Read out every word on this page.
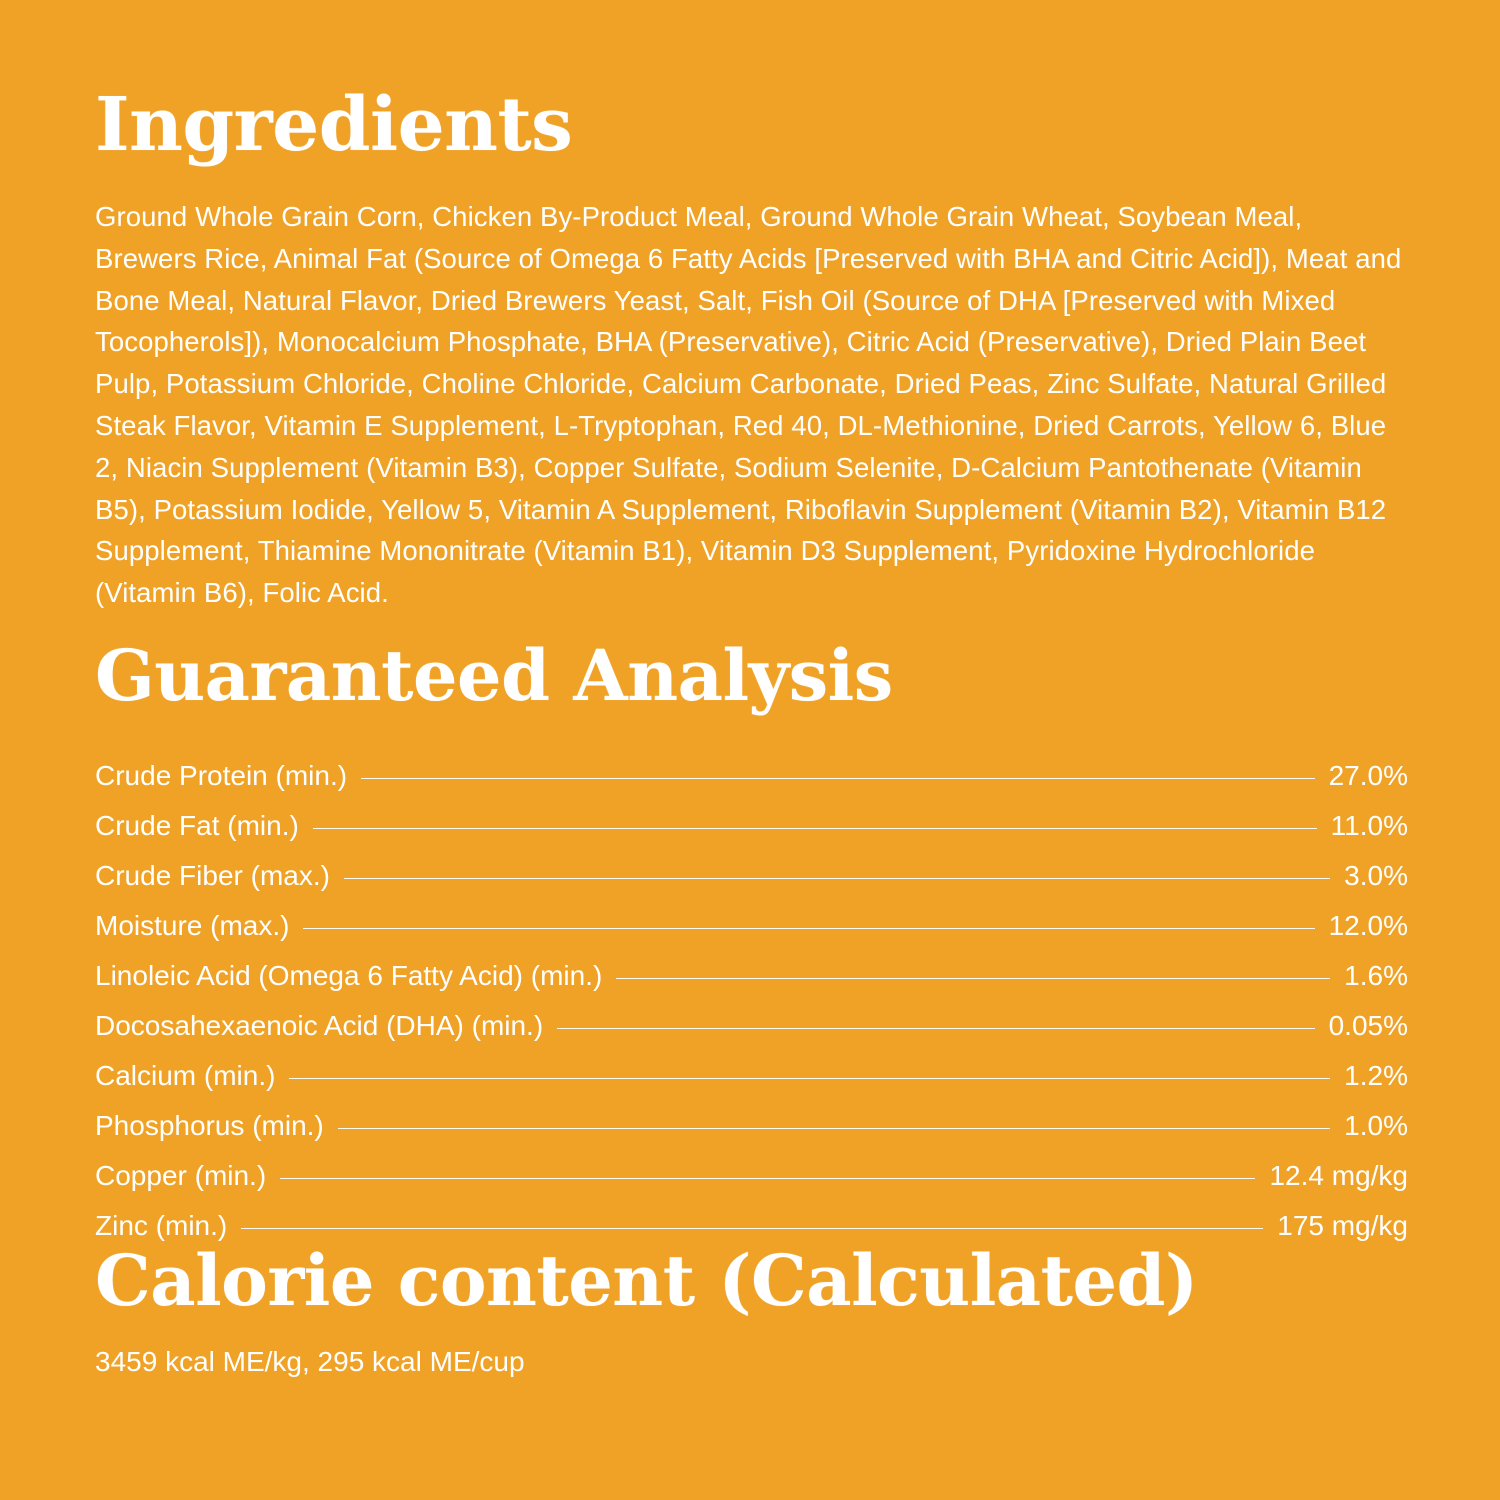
Ingredients

Ground Whole Grain Corn, Chicken By-Product Meal, Ground Whole Grain Wheat, Soybean Meal, Brewers Rice, Animal Fat (Source of Omega 6 Fatty Acids [Preserved with BHA and Citric Acid]), Meat and Bone Meal, Natural Flavor, Dried Brewers Yeast, Salt, Fish Oil (Source of DHA [Preserved with Mixed Tocopherols]), Monocalcium Phosphate, BHA (Preservative), Citric Acid (Preservative), Dried Plain Beet Pulp, Potassium Chloride, Choline Chloride, Calcium Carbonate, Dried Peas, Zinc Sulfate, Natural Grilled Steak Flavor, Vitamin E Supplement, L-Tryptophan, Red 40, DL-Methionine, Dried Carrots, Yellow 6, Blue 2, Niacin Supplement (Vitamin B3), Copper Sulfate, Sodium Selenite, D-Calcium Pantothenate (Vitamin B5), Potassium Iodide, Yellow 5, Vitamin A Supplement, Riboflavin Supplement (Vitamin B2), Vitamin B12 Supplement, Thiamine Mononitrate (Vitamin B1), Vitamin D3 Supplement, Pyridoxine Hydrochloride (Vitamin B6), Folic Acid.

Guaranteed Analysis
Crude Protein (min.)	27.0%
Crude Fat (min.)	11.0%
Crude Fiber (max.)	3.0%
Moisture (max.)	12.0%
Linoleic Acid (Omega 6 Fatty Acid) (min.)	1.6%
Docosahexaenoic Acid (DHA) (min.)	0.05%
Calcium (min.)	1.2%
Phosphorus (min.)	1.0%
Copper (min.)	12.4 mg/kg
Zinc (min.)	175 mg/kg
Calorie content (Calculated)

3459 kcal ME/kg, 295 kcal ME/cup
